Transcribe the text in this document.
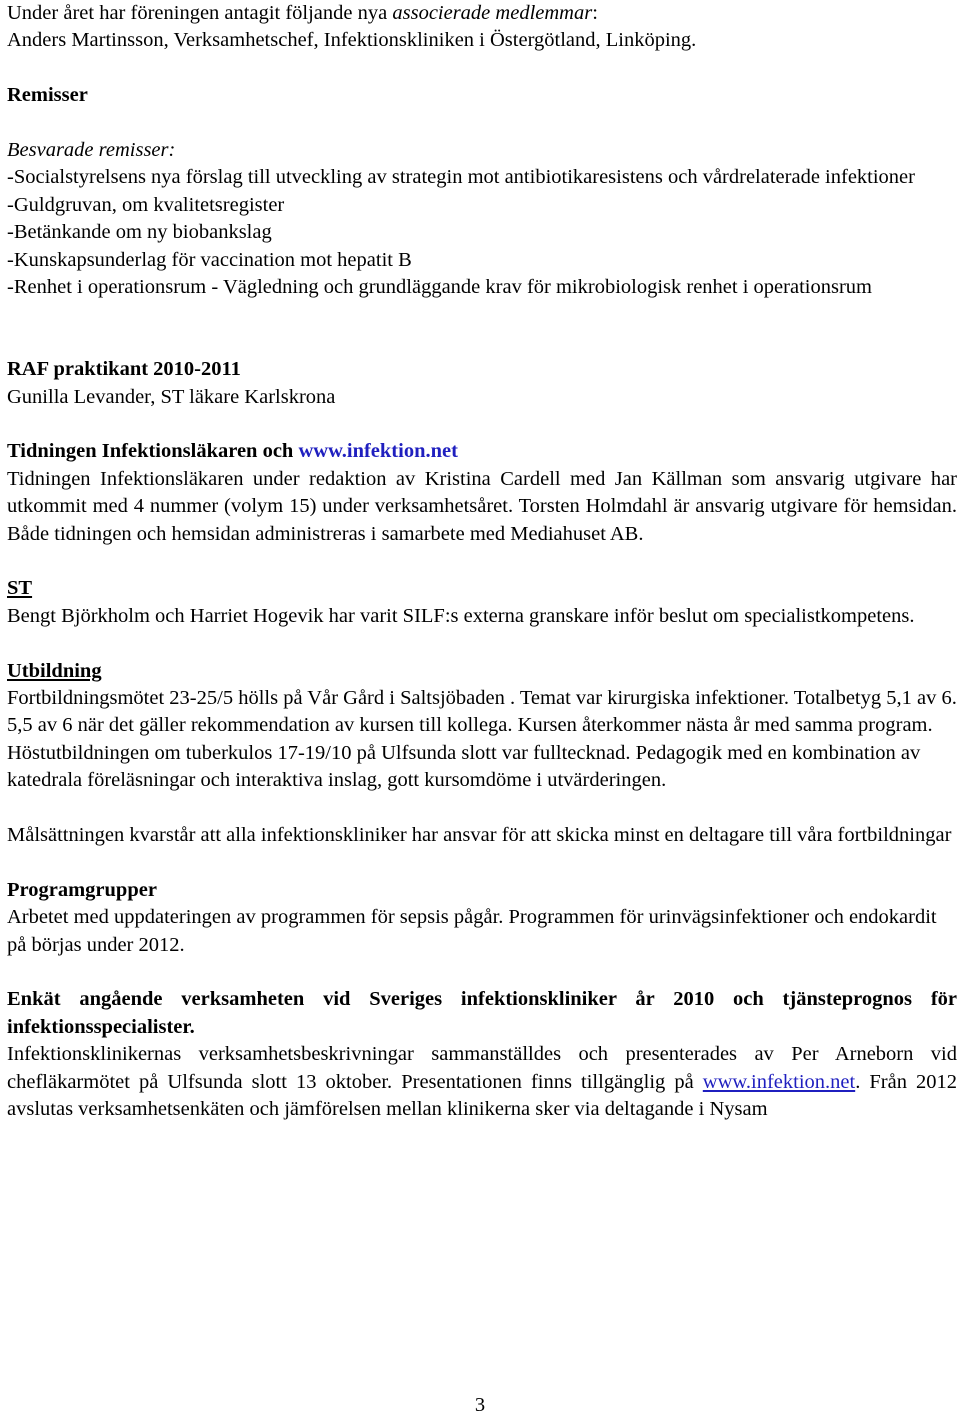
Under året har föreningen antagit följande nya associerade medlemmar:

Anders Martinsson, Verksamhetschef, Infektionskliniken i Östergötland, Linköping.

Remisser

Besvarade remisser:

-Socialstyrelsens nya förslag till utveckling av strategin mot antibiotikaresistens och vårdrelaterade infektioner

-Guldgruvan, om kvalitetsregister

-Betänkande om ny biobankslag

-Kunskapsunderlag för vaccination mot hepatit B

-Renhet i operationsrum - Vägledning och grundläggande krav för mikrobiologisk renhet i operationsrum

RAF praktikant 2010-2011

Gunilla Levander, ST läkare Karlskrona

Tidningen Infektionsläkaren och www.infektion.net

Tidningen Infektionsläkaren under redaktion av Kristina Cardell med Jan Källman som ansvarig utgivare har utkommit med 4 nummer (volym 15) under verksamhetsåret. Torsten Holmdahl är ansvarig utgivare för hemsidan. Både tidningen och hemsidan administreras i samarbete med Mediahuset AB.

ST

Bengt Björkholm och Harriet Hogevik har varit SILF:s externa granskare inför beslut om specialistkompetens.

Utbildning

Fortbildningsmötet 23-25/5 hölls på Vår Gård i Saltsjöbaden . Temat var kirurgiska infektioner. Totalbetyg 5,1 av 6. 5,5 av 6 när det gäller rekommendation av kursen till kollega. Kursen återkommer nästa år med samma program.

Höstutbildningen om tuberkulos 17-19/10 på Ulfsunda slott var fulltecknad. Pedagogik med en kombination av katedrala föreläsningar och interaktiva inslag, gott kursomdöme i utvärderingen.

Målsättningen kvarstår att alla infektionskliniker har ansvar för att skicka minst en deltagare till våra fortbildningar

Programgrupper

Arbetet med uppdateringen av programmen för sepsis pågår. Programmen för urinvägsinfektioner och endokardit på börjas under 2012.

Enkät angående verksamheten vid Sveriges infektionskliniker år 2010 och tjänsteprognos för infektionsspecialister.

Infektionsklinikernas verksamhetsbeskrivningar sammanställdes och presenterades av Per Arneborn vid chefläkarmötet på Ulfsunda slott 13 oktober. Presentationen finns tillgänglig på www.infektion.net. Från 2012 avslutas verksamhetsenkäten och jämförelsen mellan klinikerna sker via deltagande i Nysam

3
